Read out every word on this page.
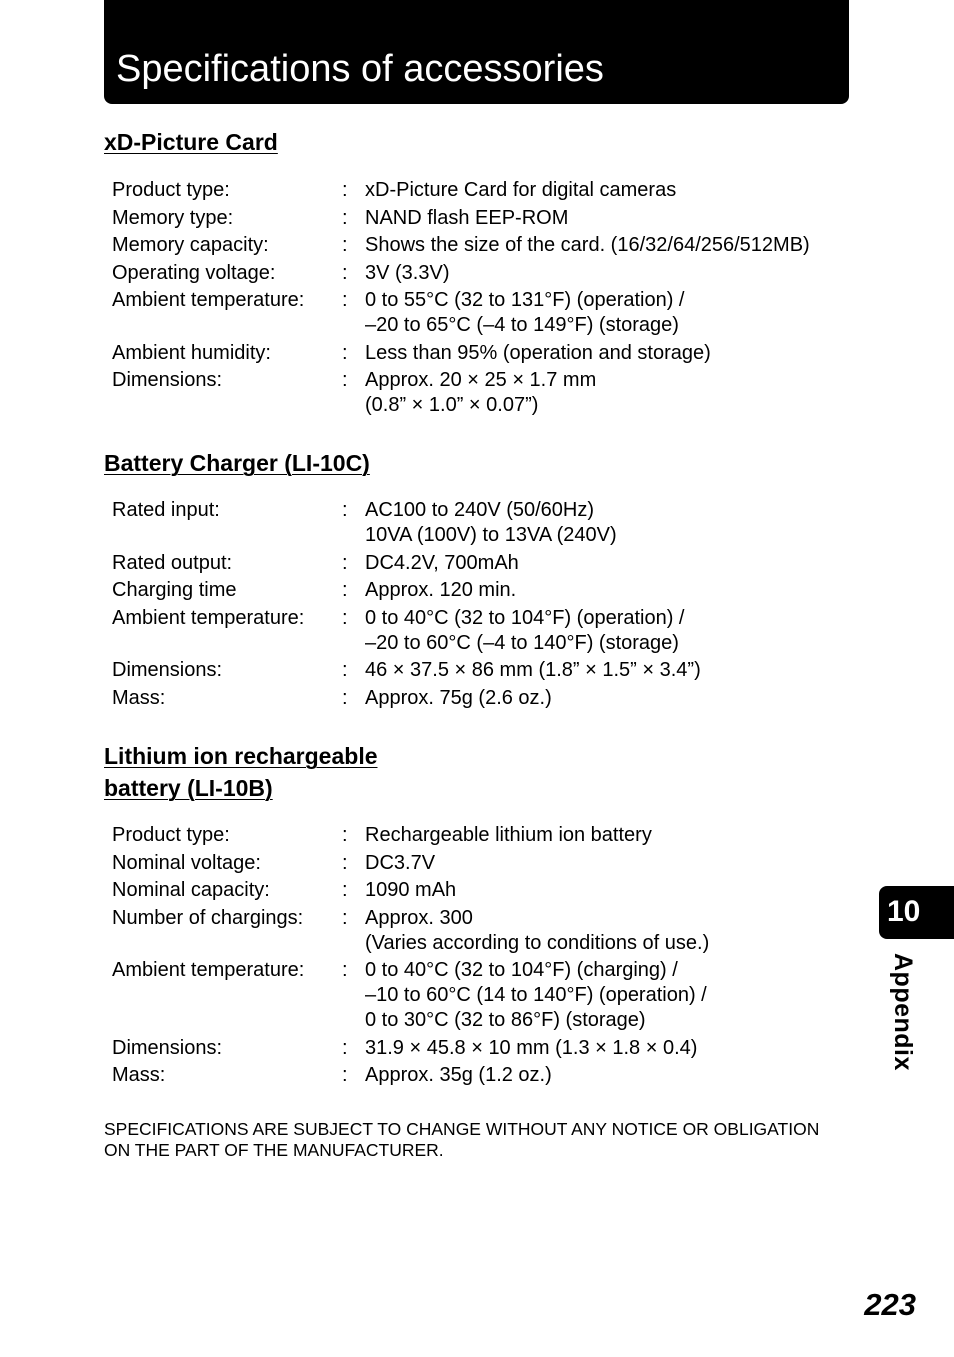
Specifications of accessories
xD-Picture Card
Product type:	:	xD-Picture Card for digital cameras

Memory type:	:	NAND flash EEP-ROM

Memory capacity:	:	Shows the size of the card. (16/32/64/256/512MB)

Operating voltage:	:	3V (3.3V)

Ambient temperature:	:	0 to 55°C (32 to 131°F) (operation) /
–20 to 65°C (–4 to 149°F) (storage)

Ambient humidity:	:	Less than 95% (operation and storage)

Dimensions:	:	Approx. 20 × 25 × 1.7 mm
(0.8” × 1.0” × 0.07”)
Battery Charger (LI-10C)
Rated input:	:	AC100 to 240V (50/60Hz)
10VA (100V) to 13VA (240V)

Rated output:	:	DC4.2V, 700mAh

Charging time	:	Approx. 120 min.

Ambient temperature:	:	0 to 40°C (32 to 104°F) (operation) /
–20 to 60°C (–4 to 140°F) (storage)

Dimensions:	:	46 × 37.5 × 86 mm (1.8” × 1.5” × 3.4”)

Mass:	:	Approx. 75g (2.6 oz.)
Lithium ion rechargeable
battery (LI-10B)
Product type:	:	Rechargeable lithium ion battery

Nominal voltage:	:	DC3.7V

Nominal capacity:	:	1090 mAh

Number of chargings:	:	Approx. 300
(Varies according to conditions of use.)

Ambient temperature:	:	0 to 40°C (32 to 104°F) (charging) /
–10 to 60°C (14 to 140°F) (operation) /
0 to 30°C (32 to 86°F) (storage)

Dimensions:	:	31.9 × 45.8 × 10 mm (1.3 × 1.8 × 0.4)

Mass:	:	Approx. 35g (1.2 oz.)
SPECIFICATIONS ARE SUBJECT TO CHANGE WITHOUT ANY NOTICE OR OBLIGATION
ON THE PART OF THE MANUFACTURER.
10
Appendix
223
